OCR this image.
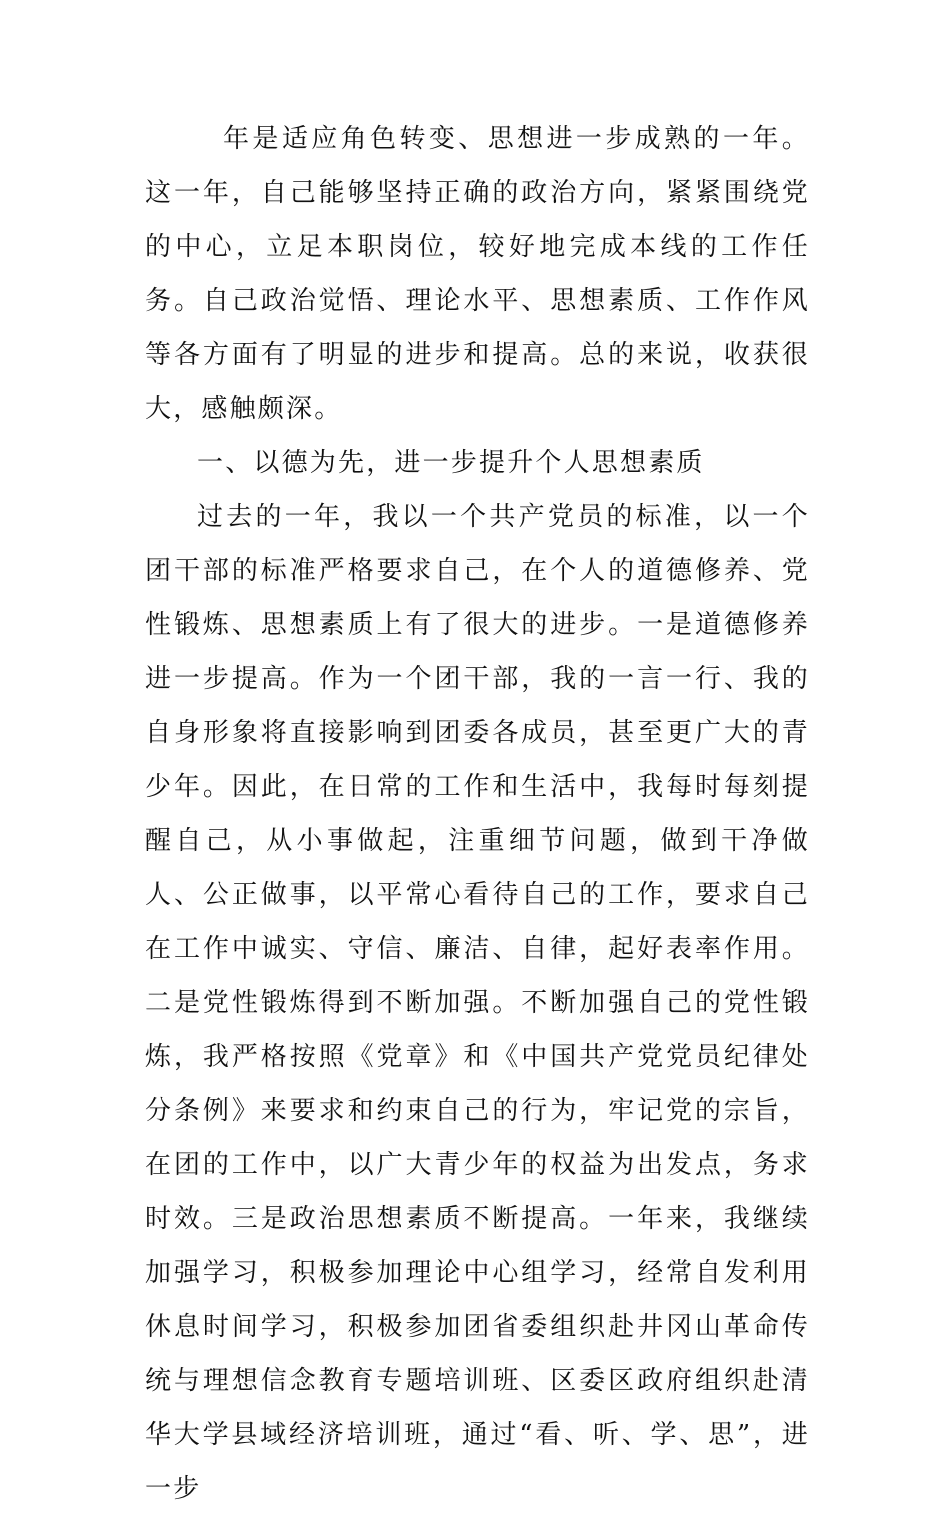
年是适应角色转变、思想进一步成熟的一年。这一年，自己能够坚持正确的政治方向，紧紧围绕党的中心，立足本职岗位，较好地完成本线的工作任务。自己政治觉悟、理论水平、思想素质、工作作风等各方面有了明显的进步和提高。总的来说，收获很大，感触颇深。

一、以德为先，进一步提升个人思想素质

过去的一年，我以一个共产党员的标准，以一个团干部的标准严格要求自己，在个人的道德修养、党性锻炼、思想素质上有了很大的进步。一是道德修养进一步提高。作为一个团干部，我的一言一行、我的自身形象将直接影响到团委各成员，甚至更广大的青少年。因此，在日常的工作和生活中，我每时每刻提醒自己，从小事做起，注重细节问题，做到干净做人、公正做事，以平常心看待自己的工作，要求自己在工作中诚实、守信、廉洁、自律，起好表率作用。二是党性锻炼得到不断加强。不断加强自己的党性锻炼，我严格按照《党章》和《中国共产党党员纪律处分条例》来要求和约束自己的行为，牢记党的宗旨，在团的工作中，以广大青少年的权益为出发点，务求时效。三是政治思想素质不断提高。一年来，我继续加强学习，积极参加理论中心组学习，经常自发利用休息时间学习，积极参加团省委组织赴井冈山革命传统与理想信念教育专题培训班、区委区政府组织赴清华大学县域经济培训班，通过“看、听、学、思”，进一步
